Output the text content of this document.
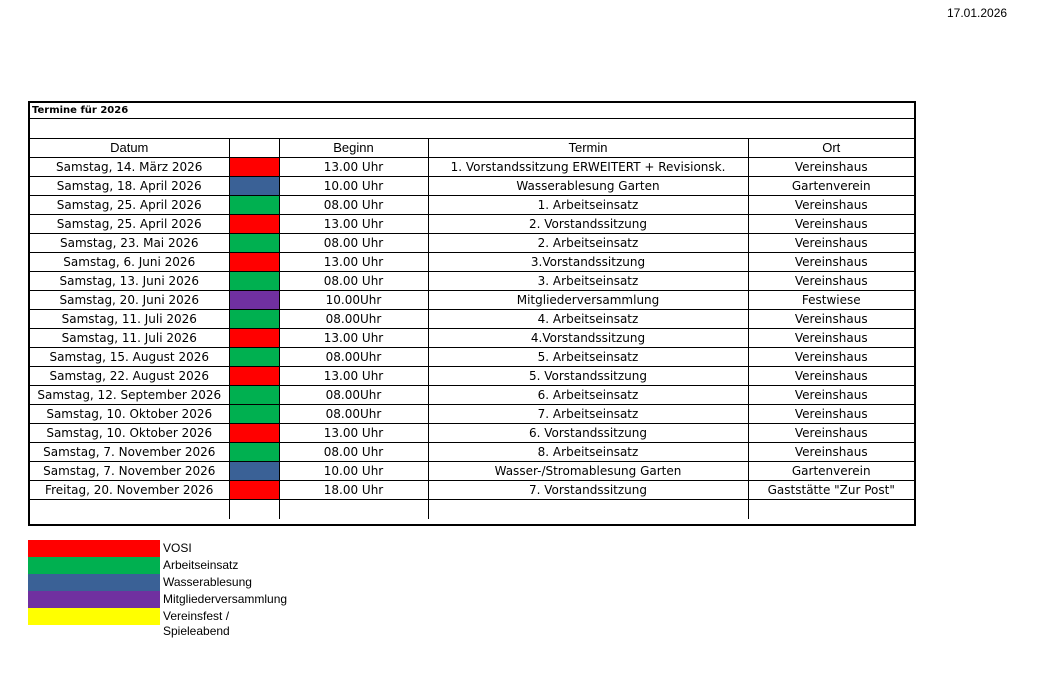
17.01.2026
Termine für 2026
Datum		Beginn	Termin	Ort
Samstag, 14. März 2026		13.00 Uhr	1. Vorstandssitzung ERWEITERT + Revisionsk.	Vereinshaus
Samstag, 18. April 2026		10.00 Uhr	Wasserablesung Garten	Gartenverein
Samstag, 25. April 2026		08.00 Uhr	1. Arbeitseinsatz	Vereinshaus
Samstag, 25. April 2026		13.00 Uhr	2. Vorstandssitzung	Vereinshaus
Samstag, 23. Mai 2026		08.00 Uhr	2. Arbeitseinsatz	Vereinshaus
Samstag, 6. Juni 2026		13.00 Uhr	3.Vorstandssitzung	Vereinshaus
Samstag, 13. Juni 2026		08.00 Uhr	3. Arbeitseinsatz	Vereinshaus
Samstag, 20. Juni 2026		10.00Uhr	Mitgliederversammlung	Festwiese
Samstag, 11. Juli 2026		08.00Uhr	4. Arbeitseinsatz	Vereinshaus
Samstag, 11. Juli 2026		13.00 Uhr	4.Vorstandssitzung	Vereinshaus
Samstag, 15. August 2026		08.00Uhr	5. Arbeitseinsatz	Vereinshaus
Samstag, 22. August 2026		13.00 Uhr	5. Vorstandssitzung	Vereinshaus
Samstag, 12. September 2026		08.00Uhr	6. Arbeitseinsatz	Vereinshaus
Samstag, 10. Oktober 2026		08.00Uhr	7. Arbeitseinsatz	Vereinshaus
Samstag, 10. Oktober 2026		13.00 Uhr	6. Vorstandssitzung	Vereinshaus
Samstag, 7. November 2026		08.00 Uhr	8. Arbeitseinsatz	Vereinshaus
Samstag, 7. November 2026		10.00 Uhr	Wasser-/Stromablesung Garten	Gartenverein
Freitag, 20. November 2026		18.00 Uhr	7. Vorstandssitzung	Gaststätte "Zur Post"

VOSI
Arbeitseinsatz
Wasserablesung
Mitgliederversammlung
Vereinsfest / Spieleabend
